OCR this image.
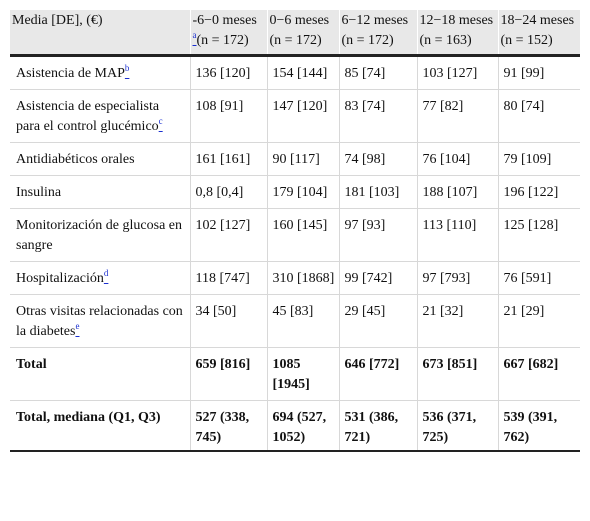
Media [DE], (€)	-6−0 meses $^a$(n = 172)	0−6 meses (n = 172)	6−12 meses (n = 172)	12−18 meses (n = 163)	18−24 meses (n = 152)
Asistencia de MAP$^b$	136 [120]	154 [144]	85 [74]	103 [127]	91 [99]
Asistencia de especialista para el control glucémico$^c$	108 [91]	147 [120]	83 [74]	77 [82]	80 [74]
Antidiabéticos orales	161 [161]	90 [117]	74 [98]	76 [104]	79 [109]
Insulina	0,8 [0,4]	179 [104]	181 [103]	188 [107]	196 [122]
Monitorización de glucosa en sangre	102 [127]	160 [145]	97 [93]	113 [110]	125 [128]
Hospitalización$^d$	118 [747]	310 [1868]	99 [742]	97 [793]	76 [591]
Otras visitas relacionadas con la diabetes$^e$	34 [50]	45 [83]	29 [45]	21 [32]	21 [29]
Total	659 [816]	1085 [1945]	646 [772]	673 [851]	667 [682]
Total, mediana (Q1, Q3)	527 (338, 745)	694 (527, 1052)	531 (386, 721)	536 (371, 725)	539 (391, 762)
